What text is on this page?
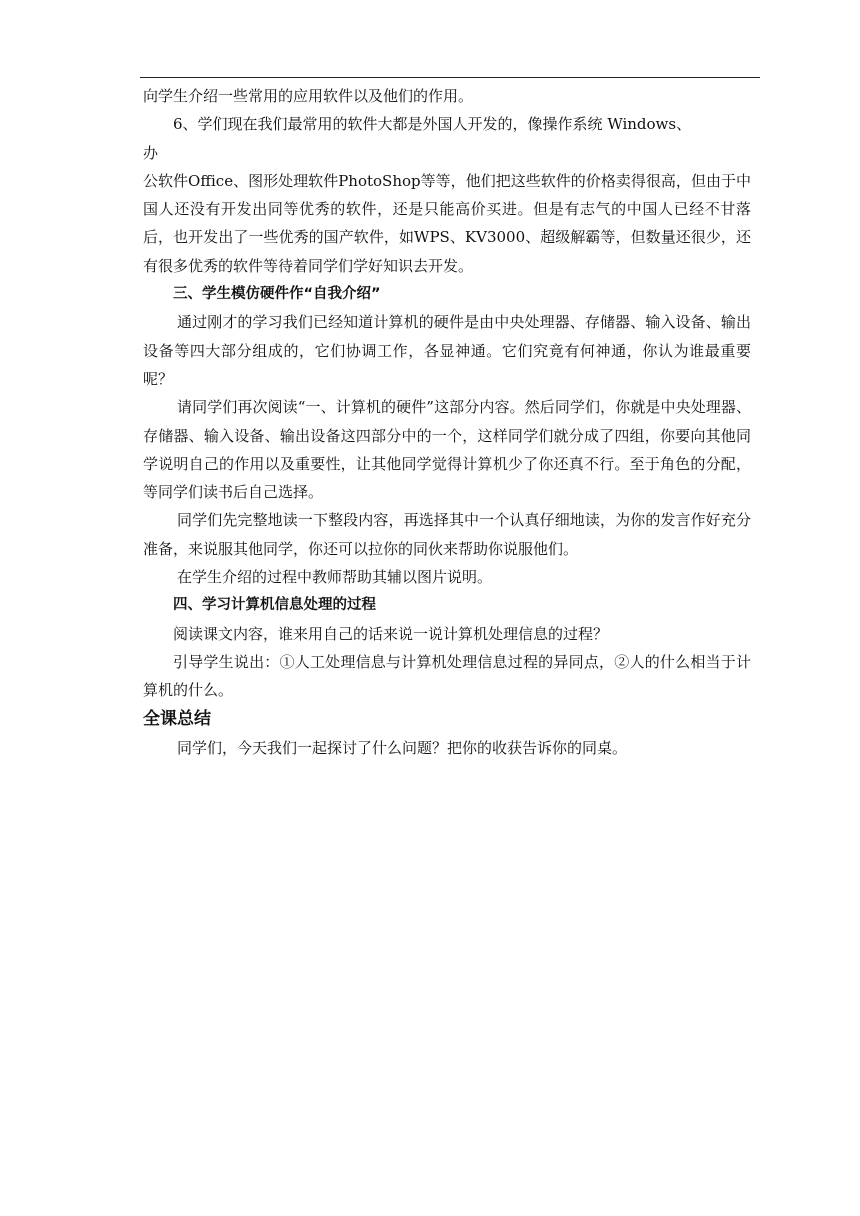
向学生介绍一些常用的应用软件以及他们的作用。

6、学们现在我们最常用的软件大都是外国人开发的，像操作系统 Windows、

办

公软件Office、图形处理软件PhotoShop等等，他们把这些软件的价格卖得很高，但由于中国人还没有开发出同等优秀的软件，还是只能高价买进。但是有志气的中国人已经不甘落后，也开发出了一些优秀的国产软件，如WPS、KV3000、超级解霸等，但数量还很少，还有很多优秀的软件等待着同学们学好知识去开发。

三、学生模仿硬件作“自我介绍”

通过刚才的学习我们已经知道计算机的硬件是由中央处理器、存储器、输入设备、输出设备等四大部分组成的，它们协调工作，各显神通。它们究竟有何神通，你认为谁最重要呢？

请同学们再次阅读“一、计算机的硬件”这部分内容。然后同学们，你就是中央处理器、存储器、输入设备、输出设备这四部分中的一个，这样同学们就分成了四组，你要向其他同学说明自己的作用以及重要性，让其他同学觉得计算机少了你还真不行。至于角色的分配，等同学们读书后自己选择。

同学们先完整地读一下整段内容，再选择其中一个认真仔细地读，为你的发言作好充分准备，来说服其他同学，你还可以拉你的同伙来帮助你说服他们。

在学生介绍的过程中教师帮助其辅以图片说明。

四、学习计算机信息处理的过程

阅读课文内容，谁来用自己的话来说一说计算机处理信息的过程？

引导学生说出：①人工处理信息与计算机处理信息过程的异同点，②人的什么相当于计算机的什么。

全课总结

同学们，今天我们一起探讨了什么问题？把你的收获告诉你的同桌。
